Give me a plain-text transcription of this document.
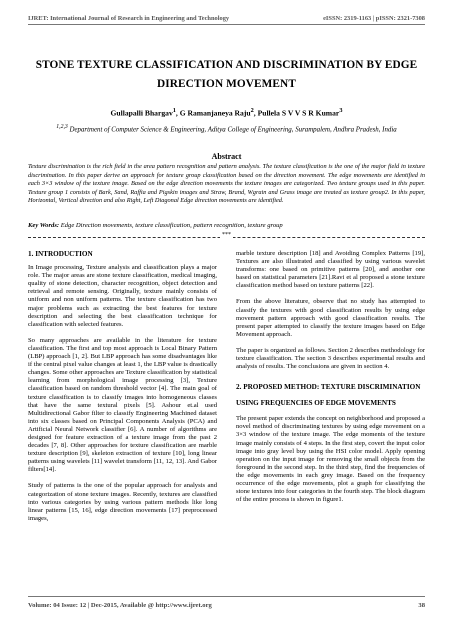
IJRET: International Journal of Research in Engineering and Technology	eISSN: 2319-1163 | pISSN: 2321-7308
STONE TEXTURE CLASSIFICATION AND DISCRIMINATION BY EDGE DIRECTION MOVEMENT
Gullapalli Bhargav$^1$, G Ramanjaneya Raju$^2$, Pullela S V V S R Kumar$^3$
$^{1,2,3}$ Department of Computer Science & Engineering, Aditya College of Engineering, Surampalem, Andhra Pradesh, India
Abstract
Texture discrimination is the rich field in the area pattern recognition and pattern analysis. The texture classification is the one of the major field in texture discrimination. In this paper derive an approach for texture group classification based on the direction movement. The edge movements are identified in each 3×3 window of the texture image. Based on the edge direction movements the texture images are categorized. Two texture groups used in this paper. Texture group 1 consists of Bark, Sand, Raffia and Pigskin images and Straw, Brand, Wgrain and Grass image are treated as texture group2. In this paper, Horizontal, Vertical direction and also Right, Left Diagonal Edge direction movements are identified.
Key Words: Edge Direction movements, texture classification, pattern recognition, texture group
***
1. INTRODUCTION

In Image processing, Texture analysis and classification plays a major role. The major areas are stone texture classification, medical imaging, quality of stone detection, character recognition, object detection and retrieval and remote sensing. Originally, texture mainly consists of uniform and non uniform patterns. The texture classification has two major problems such as extracting the best features for texture description and selecting the best classification technique for classification with selected features.

So many approaches are available in the literature for texture classification. The first and top most approach is Local Binary Pattern (LBP) approach [1, 2]. But LBP approach has some disadvantages like if the central pixel value changes at least 1, the LBP value is drastically changes. Some other approaches are Texture classification by statistical learning from morphological image processing [3], Texture classification based on random threshold vector [4]. The main goal of texture classification is to classify images into homogeneous classes that have the same textural pixels [5]. Ashour et.al used Multidirectional Gabor filter to classify Engineering Machined dataset into six classes based on Principal Components Analysis (PCA) and Artificial Neural Network classifier [6]. A number of algorithms are designed for feature extraction of a texture image from the past 2 decades [7, 8]. Other approaches for texture classification are marble texture description [9], skeleton extraction of texture [10], long linear patterns using wavelets [11] wavelet transform [11, 12, 13]. And Gabor filters[14].

Study of patterns is the one of the popular approach for analysis and categorization of stone texture images. Recently, textures are classified into various categories by using various pattern methods like long linear patterns [15, 16], edge direction movements [17] preprocessed images,

marble texture description [18] and Avoiding Complex Patterns [19], Textures are also illustrated and classified by using various wavelet transforms: one based on primitive patterns [20], and another one based on statistical parameters [21].Ravi et al proposed a stone texture classification method based on texture patterns [22].

From the above literature, observe that no study has attempted to classify the textures with good classification results by using edge movement pattern approach with good classification results. The present paper attempted to classify the texture images based on Edge Movement approach.

The paper is organized as follows. Section 2 describes methodology for texture classification. The section 3 describes experimental results and analysis of results. The conclusions are given in section 4.

2. PROPOSED METHOD: TEXTURE DISCRIMINATION USING FREQUENCIES OF EDGE MOVEMENTS

The present paper extends the concept on neighborhood and proposed a novel method of discriminating textures by using edge movement on a 3×3 window of the texture image. The edge moments of the texture image mainly consists of 4 steps. In the first step, covert the input color image into gray level buy using the HSI color model. Apply opening operation on the input image for removing the small objects from the foreground in the second step. In the third step, find the frequencies of the edge movements in each grey image. Based on the frequency occurrence of the edge movements, plot a graph for classifying the stone textures into four categories in the fourth step. The block diagram of the entire process is shown in figure1.

Volume: 04 Issue: 12 | Dec-2015, Available @ http://www.ijret.org	38
